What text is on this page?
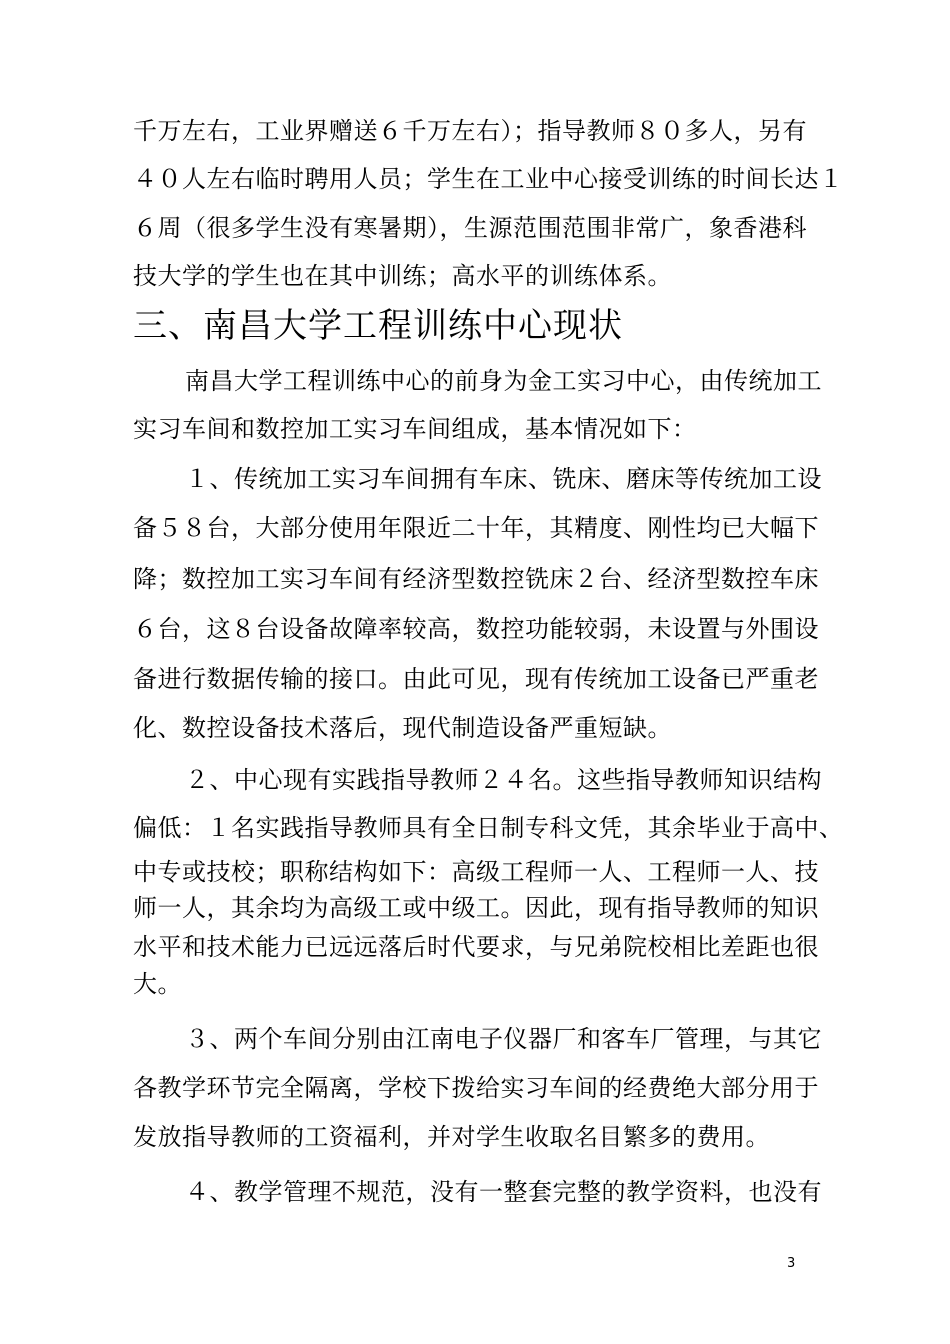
千万左右，工业界赠送６千万左右）；指导教师８０多人，另有
４０人左右临时聘用人员；学生在工业中心接受训练的时间长达１
６周（很多学生没有寒暑期），生源范围范围非常广，象香港科
技大学的学生也在其中训练；高水平的训练体系。
三、南昌大学工程训练中心现状
南昌大学工程训练中心的前身为金工实习中心，由传统加工
实习车间和数控加工实习车间组成，基本情况如下：
１、传统加工实习车间拥有车床、铣床、磨床等传统加工设
备５８台，大部分使用年限近二十年，其精度、刚性均已大幅下
降；数控加工实习车间有经济型数控铣床２台、经济型数控车床
６台，这８台设备故障率较高，数控功能较弱，未设置与外围设
备进行数据传输的接口。由此可见，现有传统加工设备已严重老
化、数控设备技术落后，现代制造设备严重短缺。
２、中心现有实践指导教师２４名。这些指导教师知识结构
偏低：１名实践指导教师具有全日制专科文凭，其余毕业于高中、
中专或技校；职称结构如下：高级工程师一人、工程师一人、技
师一人，其余均为高级工或中级工。因此，现有指导教师的知识
水平和技术能力已远远落后时代要求，与兄弟院校相比差距也很
大。
３、两个车间分别由江南电子仪器厂和客车厂管理，与其它
各教学环节完全隔离，学校下拨给实习车间的经费绝大部分用于
发放指导教师的工资福利，并对学生收取名目繁多的费用。
４、教学管理不规范，没有一整套完整的教学资料，也没有
3
